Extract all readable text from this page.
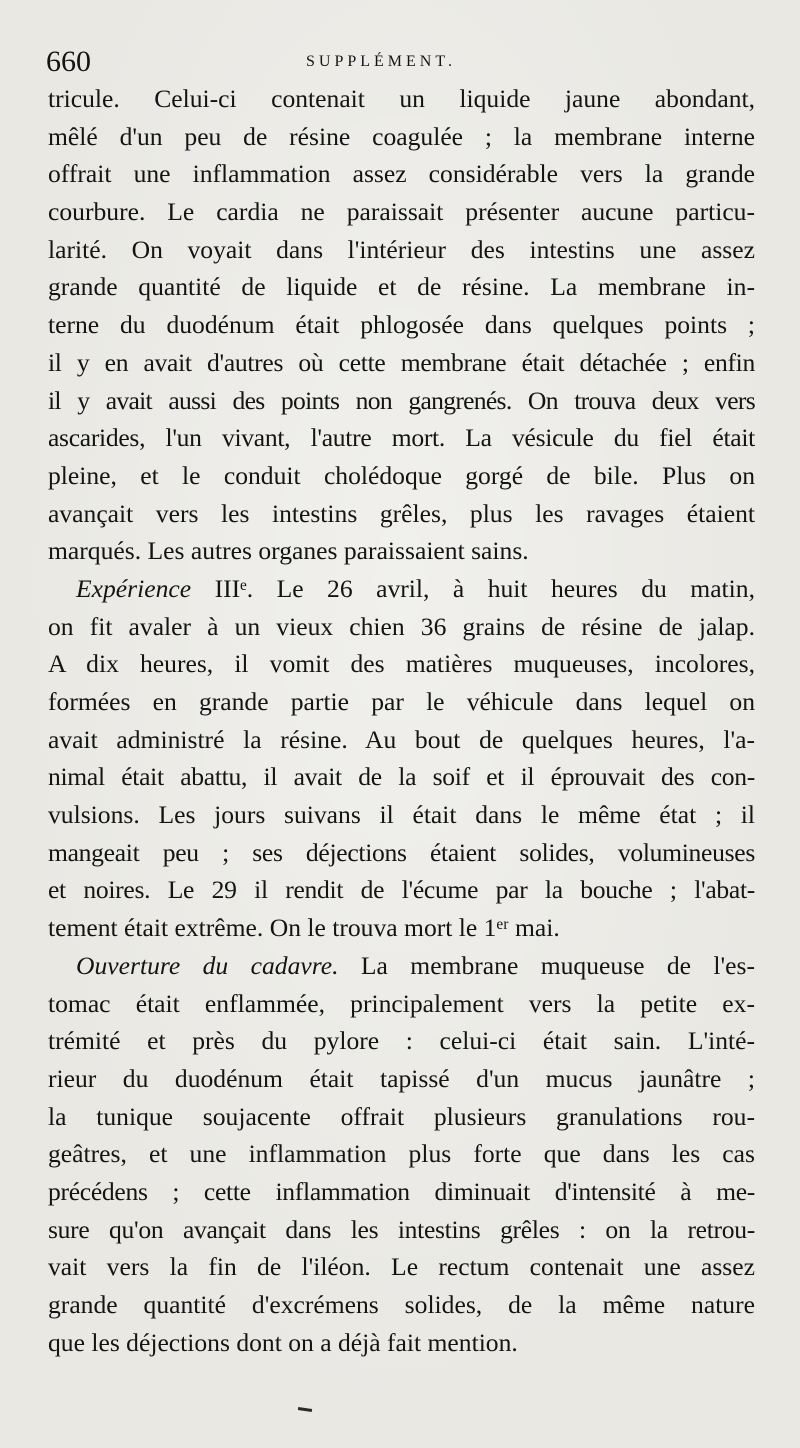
660	SUPPLÉMENT.
tricule. Celui-ci contenait un liquide jaune abondant,
mêlé d'un peu de résine coagulée ; la membrane interne
offrait une inflammation assez considérable vers la grande
courbure. Le cardia ne paraissait présenter aucune particu-
larité. On voyait dans l'intérieur des intestins une assez
grande quantité de liquide et de résine. La membrane in-
terne du duodénum était phlogosée dans quelques points ;
il y en avait d'autres où cette membrane était détachée ; enfin
il y avait aussi des points non gangrenés. On trouva deux vers
ascarides, l'un vivant, l'autre mort. La vésicule du fiel était
pleine, et le conduit cholédoque gorgé de bile. Plus on
avançait vers les intestins grêles, plus les ravages étaient
marqués. Les autres organes paraissaient sains.
Expérience IIIᵉ. Le 26 avril, à huit heures du matin,
on fit avaler à un vieux chien 36 grains de résine de jalap.
A dix heures, il vomit des matières muqueuses, incolores,
formées en grande partie par le véhicule dans lequel on
avait administré la résine. Au bout de quelques heures, l'a-
nimal était abattu, il avait de la soif et il éprouvait des con-
vulsions. Les jours suivans il était dans le même état ; il
mangeait peu ; ses déjections étaient solides, volumineuses
et noires. Le 29 il rendit de l'écume par la bouche ; l'abat-
tement était extrême. On le trouva mort le 1ᵉʳ mai.
Ouverture du cadavre. La membrane muqueuse de l'es-
tomac était enflammée, principalement vers la petite ex-
trémité et près du pylore : celui-ci était sain. L'inté-
rieur du duodénum était tapissé d'un mucus jaunâtre ;
la tunique soujacente offrait plusieurs granulations rou-
geâtres, et une inflammation plus forte que dans les cas
précédens ; cette inflammation diminuait d'intensité à me-
sure qu'on avançait dans les intestins grêles : on la retrou-
vait vers la fin de l'iléon. Le rectum contenait une assez
grande quantité d'excrémens solides, de la même nature
que les déjections dont on a déjà fait mention.
